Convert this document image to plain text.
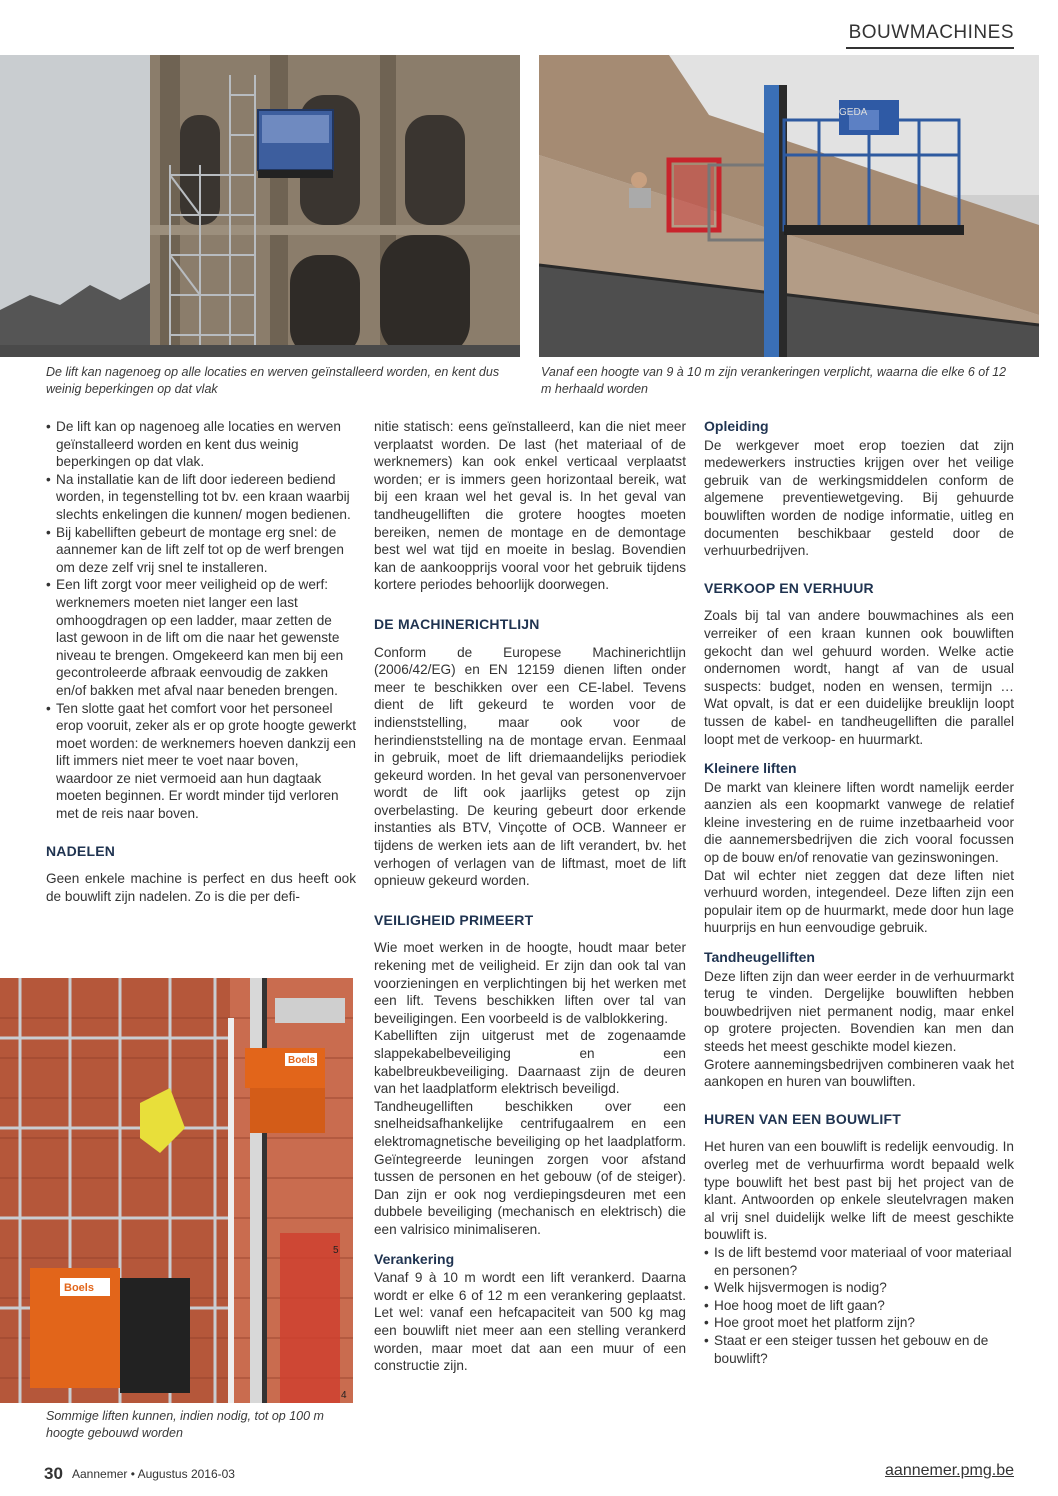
BOUWMACHINES
GEDA
De lift kan nagenoeg op alle locaties en werven geïnstalleerd worden, en kent dus weinig beperkingen op dat vlak
Vanaf een hoogte van 9 à 10 m zijn verankeringen verplicht, waarna die elke 6 of 12 m herhaald worden

• De lift kan op nagenoeg alle locaties en werven geïnstalleerd worden en kent dus weinig beperkingen op dat vlak.

• Na installatie kan de lift door iedereen bediend worden, in tegenstelling tot bv. een kraan waarbij slechts enkelingen die kunnen/ mogen bedienen.

• Bij kabelliften gebeurt de montage erg snel: de aannemer kan de lift zelf tot op de werf brengen om deze zelf vrij snel te installeren.

• Een lift zorgt voor meer veiligheid op de werf: werknemers moeten niet langer een last omhoogdragen op een ladder, maar zetten de last gewoon in de lift om die naar het gewenste niveau te brengen. Omgekeerd kan men bij een gecontroleerde afbraak eenvoudig de zakken en/of bakken met afval naar beneden brengen.

• Ten slotte gaat het comfort voor het personeel erop vooruit, zeker als er op grote hoogte gewerkt moet worden: de werknemers hoeven dankzij een lift immers niet meer te voet naar boven, waardoor ze niet vermoeid aan hun dagtaak moeten beginnen. Er wordt minder tijd verloren met de reis naar boven.

NADELEN

Geen enkele machine is perfect en dus heeft ook de bouwlift zijn nadelen. Zo is die per defi-

Boels
Boels
5
4
Sommige liften kunnen, indien nodig, tot op 100 m hoogte gebouwd worden

nitie statisch: eens geïnstalleerd, kan die niet meer verplaatst worden. De last (het materiaal of de werknemers) kan ook enkel verticaal verplaatst worden; er is immers geen horizontaal bereik, wat bij een kraan wel het geval is. In het geval van tandheugelliften die grotere hoogtes moeten bereiken, nemen de montage en de demontage best wel wat tijd en moeite in beslag. Bovendien kan de aankoopprijs vooral voor het gebruik tijdens kortere periodes behoorlijk doorwegen.

DE MACHINERICHTLIJN

Conform de Europese Machinerichtlijn (2006/42/EG) en EN 12159 dienen liften onder meer te beschikken over een CE-label. Tevens dient de lift gekeurd te worden voor de indienststelling, maar ook voor de herindienststelling na de montage ervan. Eenmaal in gebruik, moet de lift driemaandelijks periodiek gekeurd worden. In het geval van personenvervoer wordt de lift ook jaarlijks getest op zijn overbelasting. De keuring gebeurt door erkende instanties als BTV, Vinçotte of OCB. Wanneer er tijdens de werken iets aan de lift verandert, bv. het verhogen of verlagen van de liftmast, moet de lift opnieuw gekeurd worden.

VEILIGHEID PRIMEERT

Wie moet werken in de hoogte, houdt maar beter rekening met de veiligheid. Er zijn dan ook tal van voorzieningen en verplichtingen bij het werken met een lift. Tevens beschikken liften over tal van beveiligingen. Een voorbeeld is de valblokkering.

Kabelliften zijn uitgerust met de zogenaamde slappekabelbeveiliging en een kabelbreukbeveiliging. Daarnaast zijn de deuren van het laadplatform elektrisch beveiligd.

Tandheugelliften beschikken over een snelheidsafhankelijke centrifugaalrem en een elektromagnetische beveiliging op het laadplatform. Geïntegreerde leuningen zorgen voor afstand tussen de personen en het gebouw (of de steiger). Dan zijn er ook nog verdiepingsdeuren met een dubbele beveiliging (mechanisch en elektrisch) die een valrisico minimaliseren.

Verankering

Vanaf 9 à 10 m wordt een lift verankerd. Daarna wordt er elke 6 of 12 m een verankering geplaatst. Let wel: vanaf een hefcapaciteit van 500 kg mag een bouwlift niet meer aan een stelling verankerd worden, maar moet dat aan een muur of een constructie zijn.

Opleiding

De werkgever moet erop toezien dat zijn medewerkers instructies krijgen over het veilige gebruik van de werkingsmiddelen conform de algemene preventiewetgeving. Bij gehuurde bouwliften worden de nodige informatie, uitleg en documenten beschikbaar gesteld door de verhuurbedrijven.

VERKOOP EN VERHUUR

Zoals bij tal van andere bouwmachines als een verreiker of een kraan kunnen ook bouwliften gekocht dan wel gehuurd worden. Welke actie ondernomen wordt, hangt af van de usual suspects: budget, noden en wensen, termijn … Wat opvalt, is dat er een duidelijke breuklijn loopt tussen de kabel- en tandheugelliften die parallel loopt met de verkoop- en huurmarkt.

Kleinere liften

De markt van kleinere liften wordt namelijk eerder aanzien als een koopmarkt vanwege de relatief kleine investering en de ruime inzetbaarheid voor die aannemersbedrijven die zich vooral focussen op de bouw en/of renovatie van gezinswoningen.

Dat wil echter niet zeggen dat deze liften niet verhuurd worden, integendeel. Deze liften zijn een populair item op de huurmarkt, mede door hun lage huurprijs en hun eenvoudige gebruik.

Tandheugelliften

Deze liften zijn dan weer eerder in de verhuurmarkt terug te vinden. Dergelijke bouwliften hebben bouwbedrijven niet permanent nodig, maar enkel op grotere projecten. Bovendien kan men dan steeds het meest geschikte model kiezen.

Grotere aannemingsbedrijven combineren vaak het aankopen en huren van bouwliften.

HUREN VAN EEN BOUWLIFT

Het huren van een bouwlift is redelijk eenvoudig. In overleg met de verhuurfirma wordt bepaald welk type bouwlift het best past bij het project van de klant. Antwoorden op enkele sleutelvragen maken al vrij snel duidelijk welke lift de meest geschikte bouwlift is.

• Is de lift bestemd voor materiaal of voor materiaal en personen?

• Welk hijsvermogen is nodig?

• Hoe hoog moet de lift gaan?

• Hoe groot moet het platform zijn?

• Staat er een steiger tussen het gebouw en de bouwlift?

30 Aannemer • Augustus 2016-03	aannemer.pmg.be
